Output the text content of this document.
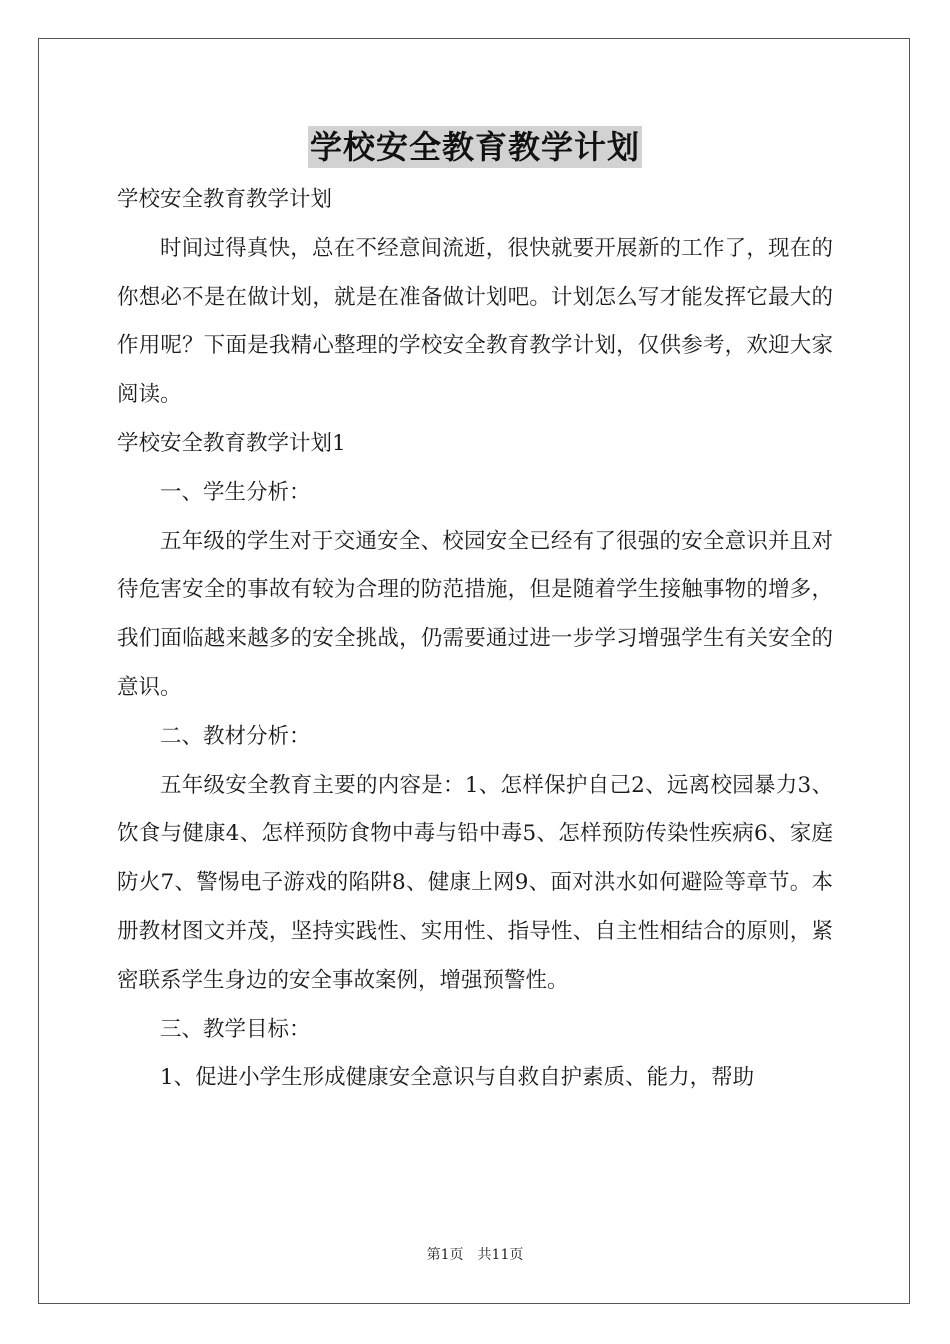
学校安全教育教学计划

学校安全教育教学计划

时间过得真快，总在不经意间流逝，很快就要开展新的工作了，现在的你想必不是在做计划，就是在准备做计划吧。计划怎么写才能发挥它最大的作用呢？下面是我精心整理的学校安全教育教学计划，仅供参考，欢迎大家阅读。

学校安全教育教学计划1

一、学生分析：

五年级的学生对于交通安全、校园安全已经有了很强的安全意识并且对待危害安全的事故有较为合理的防范措施，但是随着学生接触事物的增多，我们面临越来越多的安全挑战，仍需要通过进一步学习增强学生有关安全的意识。

二、教材分析：

五年级安全教育主要的内容是：1、怎样保护自己2、远离校园暴力3、饮食与健康4、怎样预防食物中毒与铅中毒5、怎样预防传染性疾病6、家庭防火7、警惕电子游戏的陷阱8、健康上网9、面对洪水如何避险等章节。本册教材图文并茂，坚持实践性、实用性、指导性、自主性相结合的原则，紧密联系学生身边的安全事故案例，增强预警性。

三、教学目标：

1、促进小学生形成健康安全意识与自救自护素质、能力，帮助

第1页　共11页
